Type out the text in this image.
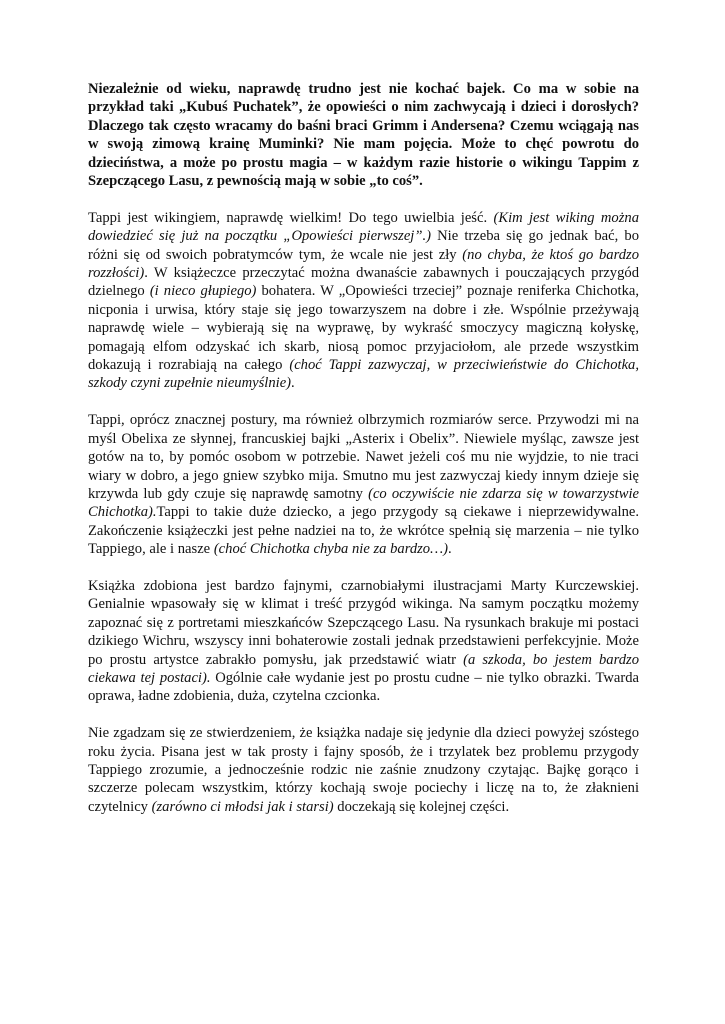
Niezależnie od wieku, naprawdę trudno jest nie kochać bajek. Co ma w sobie na przykład taki „Kubuś Puchatek”, że opowieści o nim zachwycają i dzieci i dorosłych? Dlaczego tak często wracamy do baśni braci Grimm i Andersena? Czemu wciągają nas w swoją zimową krainę Muminki? Nie mam pojęcia. Może to chęć powrotu do dzieciństwa, a może po prostu magia – w każdym razie historie o wikingu Tappim z Szepczącego Lasu, z pewnością mają w sobie „to coś”.

Tappi jest wikingiem, naprawdę wielkim! Do tego uwielbia jeść. (Kim jest wiking można dowiedzieć się już na początku „Opowieści pierwszej”.) Nie trzeba się go jednak bać, bo różni się od swoich pobratymców tym, że wcale nie jest zły (no chyba, że ktoś go bardzo rozzłości). W książeczce przeczytać można dwanaście zabawnych i pouczających przygód dzielnego (i nieco głupiego) bohatera. W „Opowieści trzeciej” poznaje reniferka Chichotka, nicponia i urwisa, który staje się jego towarzyszem na dobre i złe. Wspólnie przeżywają naprawdę wiele – wybierają się na wyprawę, by wykraść smoczycy magiczną kołyskę, pomagają elfom odzyskać ich skarb, niosą pomoc przyjaciołom, ale przede wszystkim dokazują i rozrabiają na całego (choć Tappi zazwyczaj, w przeciwieństwie do Chichotka, szkody czyni zupełnie nieumyślnie).

Tappi, oprócz znacznej postury, ma również olbrzymich rozmiarów serce. Przywodzi mi na myśl Obelixa ze słynnej, francuskiej bajki „Asterix i Obelix”. Niewiele myśląc, zawsze jest gotów na to, by pomóc osobom w potrzebie. Nawet jeżeli coś mu nie wyjdzie, to nie traci wiary w dobro, a jego gniew szybko mija. Smutno mu jest zazwyczaj kiedy innym dzieje się krzywda lub gdy czuje się naprawdę samotny (co oczywiście nie zdarza się w towarzystwie Chichotka).Tappi to takie duże dziecko, a jego przygody są ciekawe i nieprzewidywalne. Zakończenie książeczki jest pełne nadziei na to, że wkrótce spełnią się marzenia – nie tylko Tappiego, ale i nasze (choć Chichotka chyba nie za bardzo…).

Książka zdobiona jest bardzo fajnymi, czarnobiałymi ilustracjami Marty Kurczewskiej. Genialnie wpasowały się w klimat i treść przygód wikinga. Na samym początku możemy zapoznać się z portretami mieszkańców Szepczącego Lasu. Na rysunkach brakuje mi postaci dzikiego Wichru, wszyscy inni bohaterowie zostali jednak przedstawieni perfekcyjnie. Może po prostu artystce zabrakło pomysłu, jak przedstawić wiatr (a szkoda, bo jestem bardzo ciekawa tej postaci). Ogólnie całe wydanie jest po prostu cudne – nie tylko obrazki. Twarda oprawa, ładne zdobienia, duża, czytelna czcionka.

Nie zgadzam się ze stwierdzeniem, że książka nadaje się jedynie dla dzieci powyżej szóstego roku życia. Pisana jest w tak prosty i fajny sposób, że i trzylatek bez problemu przygody Tappiego zrozumie, a jednocześnie rodzic nie zaśnie znudzony czytając. Bajkę gorąco i szczerze polecam wszystkim, którzy kochają swoje pociechy i liczę na to, że złaknieni czytelnicy (zarówno ci młodsi jak i starsi) doczekają się kolejnej części.
